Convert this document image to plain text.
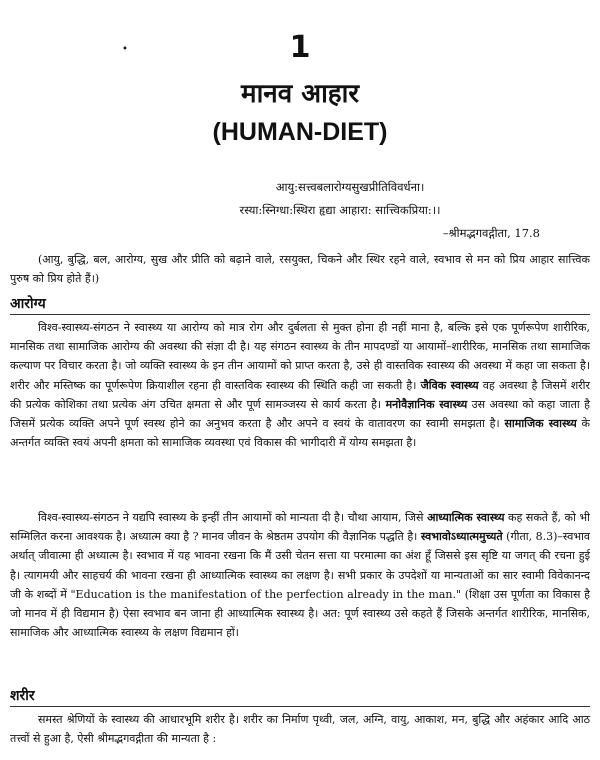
•	1
मानव आहार
(HUMAN-DIET)
आयु:सत्त्वबलारोग्यसुखप्रीतिविवर्धना।
रस्या:स्निग्धा:स्थिरा हृद्या आहारा: सात्त्विकप्रिया:।।
–श्रीमद्भगवद्गीता, 17.8

(आयु, बुद्धि, बल, आरोग्य, सुख और प्रीति को बढ़ाने वाले, रसयुक्त, चिकने और स्थिर रहने वाले, स्वभाव से मन को प्रिय आहार सात्त्विक पुरुष को प्रिय होते हैं।)

आरोग्य

विश्व-स्वास्थ्य-संगठन ने स्वास्थ्य या आरोग्य को मात्र रोग और दुर्बलता से मुक्त होना ही नहीं माना है, बल्कि इसे एक पूर्णरूपेण शारीरिक, मानसिक तथा सामाजिक आरोग्य की अवस्था की संज्ञा दी है। यह संगठन स्वास्थ्य के तीन मापदण्डों या आयामों–शारीरिक, मानसिक तथा सामाजिक कल्याण पर विचार करता है। जो व्यक्ति स्वास्थ्य के इन तीन आयामों को प्राप्त करता है, उसे ही वास्तविक स्वास्थ्य की अवस्था में कहा जा सकता है। शरीर और मस्तिष्क का पूर्णरूपेण क्रियाशील रहना ही वास्तविक स्वास्थ्य की स्थिति कही जा सकती है। जैविक स्वास्थ्य वह अवस्था है जिसमें शरीर की प्रत्येक कोशिका तथा प्रत्येक अंग उचित क्षमता से और पूर्ण सामञ्जस्य से कार्य करता है। मनोवैज्ञानिक स्वास्थ्य उस अवस्था को कहा जाता है जिसमें प्रत्येक व्यक्ति अपने पूर्ण स्वस्थ होने का अनुभव करता है और अपने व स्वयं के वातावरण का स्वामी समझता है। सामाजिक स्वास्थ्य के अन्तर्गत व्यक्ति स्वयं अपनी क्षमता को सामाजिक व्यवस्था एवं विकास की भागीदारी में योग्य समझता है।

विश्व-स्वास्थ्य-संगठन ने यद्यपि स्वास्थ्य के इन्हीं तीन आयामों को मान्यता दी है। चौथा आयाम, जिसे आध्यात्मिक स्वास्थ्य कह सकते हैं, को भी सम्मिलित करना आवश्यक है। अध्यात्म क्या है ? मानव जीवन के श्रेष्ठतम उपयोग की वैज्ञानिक पद्धति है। स्वभावोऽध्यात्ममुच्यते (गीता, 8.3)–स्वभाव अर्थात् जीवात्मा ही अध्यात्म है। स्वभाव में यह भावना रखना कि मैं उसी चेतन सत्ता या परमात्मा का अंश हूँ जिससे इस सृष्टि या जगत् की रचना हुई है। त्यागमयी और साहचर्य की भावना रखना ही आध्यात्मिक स्वास्थ्य का लक्षण है। सभी प्रकार के उपदेशों या मान्यताओं का सार स्वामी विवेकानन्द जी के शब्दों में "Education is the manifestation of the perfection already in the man." (शिक्षा उस पूर्णता का विकास है जो मानव में ही विद्यमान है) ऐसा स्वभाव बन जाना ही आध्यात्मिक स्वास्थ्य है। अत: पूर्ण स्वास्थ्य उसे कहते हैं जिसके अन्तर्गत शारीरिक, मानसिक, सामाजिक और आध्यात्मिक स्वास्थ्य के लक्षण विद्यमान हों।

शरीर

समस्त श्रेणियों के स्वास्थ्य की आधारभूमि शरीर है। शरीर का निर्माण पृथ्वी, जल, अग्नि, वायु, आकाश, मन, बुद्धि और अहंकार आदि आठ तत्त्वों से हुआ है, ऐसी श्रीमद्भगवद्गीता की मान्यता है :
